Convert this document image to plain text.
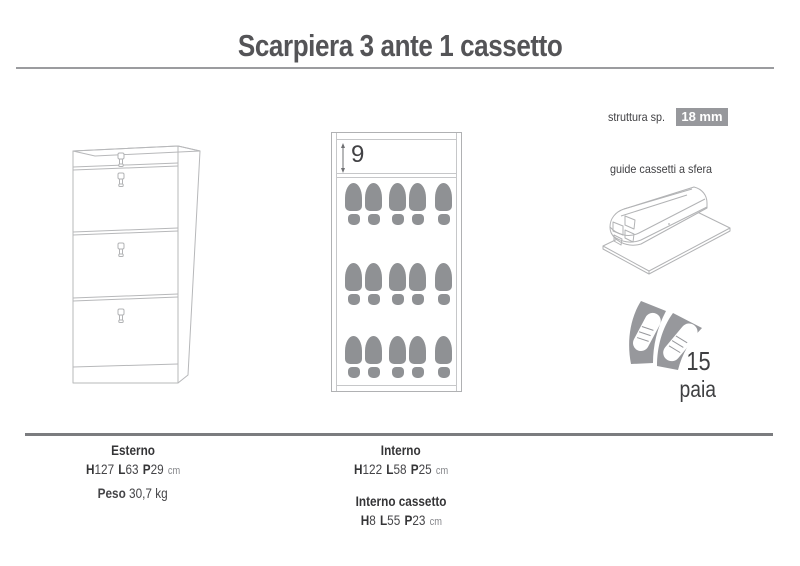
Scarpiera 3 ante 1 cassetto
9
struttura sp.	18 mm
guide cassetti a sfera
15
paia
Esterno
H127 L63 P29 cm
Peso 30,7 kg
Interno
H122 L58 P25 cm
Interno cassetto
H8 L55 P23 cm
